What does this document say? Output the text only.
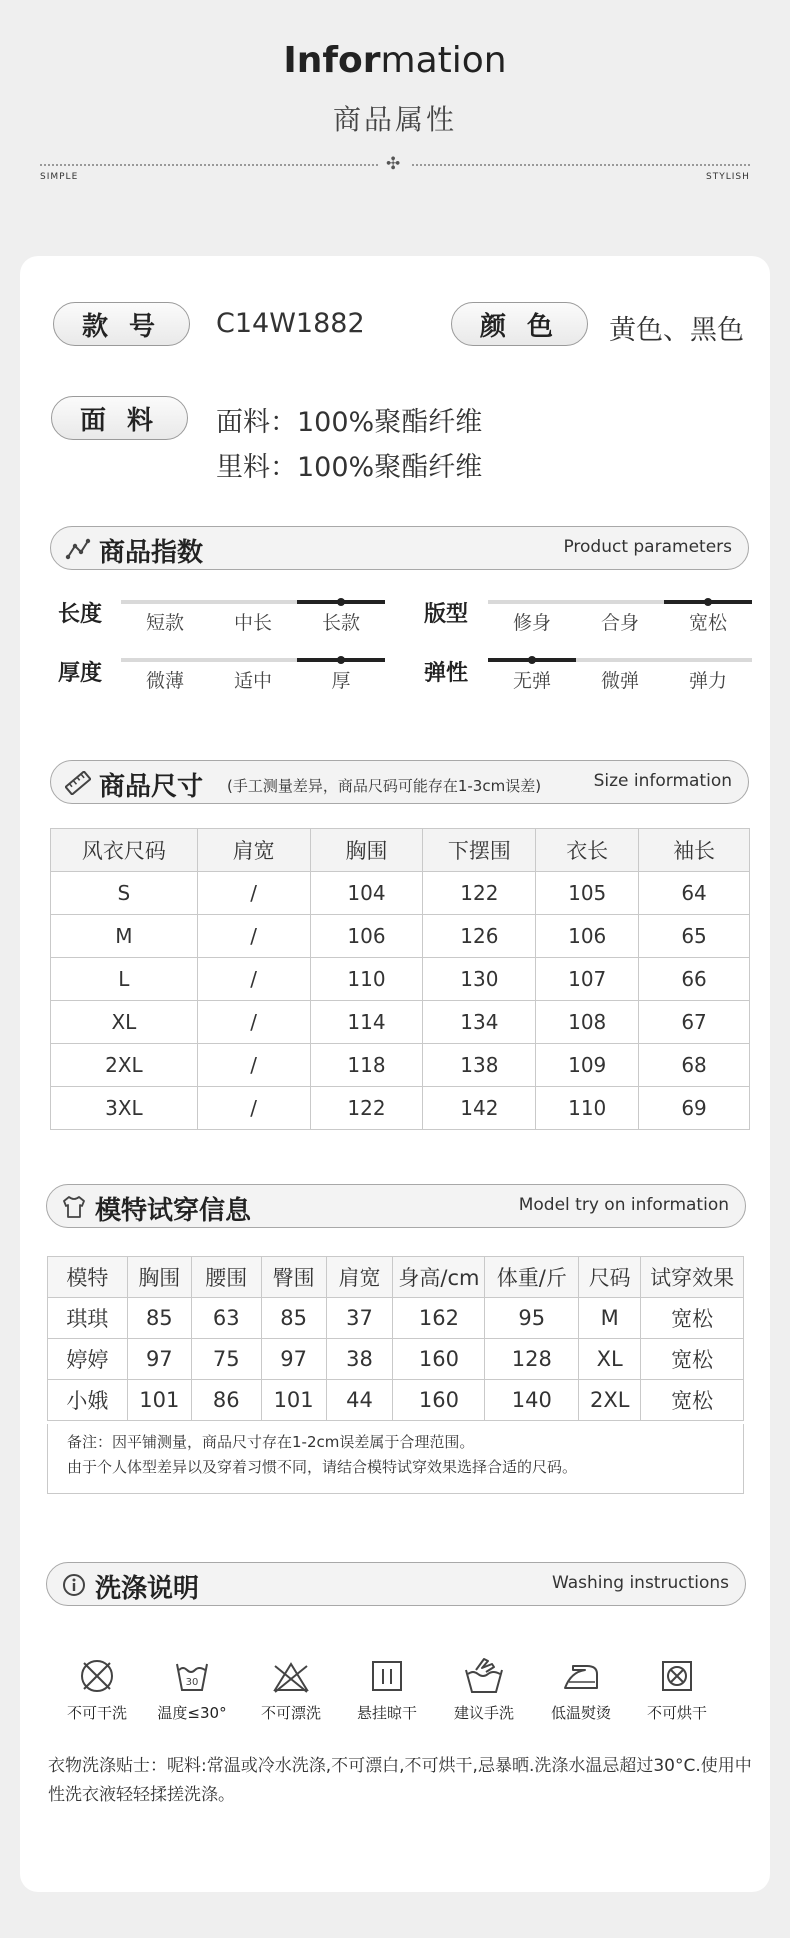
Information
商品属性
✣
SIMPLE	STYLISH
款 号	C14W1882	颜 色	黄色、黑色
面 料	面料：100%聚酯纤维
里料：100%聚酯纤维
商品指数	Product parameters
长度	短款	中长	长款	版型	修身	合身	宽松
厚度	微薄	适中	厚	弹性	无弹	微弹	弹力
商品尺寸 (手工测量差异，商品尺码可能存在1-3cm误差)	Size information
风衣尺码	肩宽	胸围	下摆围	衣长	袖长
S	/	104	122	105	64
M	/	106	126	106	65
L	/	110	130	107	66
XL	/	114	134	108	67
2XL	/	118	138	109	68
3XL	/	122	142	110	69
模特试穿信息	Model try on information
模特	胸围	腰围	臀围	肩宽	身高/cm	体重/斤	尺码	试穿效果
琪琪	85	63	85	37	162	95	M	宽松
婷婷	97	75	97	38	160	128	XL	宽松
小娥	101	86	101	44	160	140	2XL	宽松
备注：因平铺测量，商品尺寸存在1-2cm误差属于合理范围。
由于个人体型差异以及穿着习惯不同，请结合模特试穿效果选择合适的尺码。
洗涤说明	Washing instructions
不可干洗
30
温度≤30°	不可漂洗	悬挂晾干	建议手洗	低温熨烫	不可烘干
衣物洗涤贴士：呢料:常温或冷水洗涤,不可漂白,不可烘干,忌暴晒.洗涤水温忌超过30°C.使用中性洗衣液轻轻揉搓洗涤。
